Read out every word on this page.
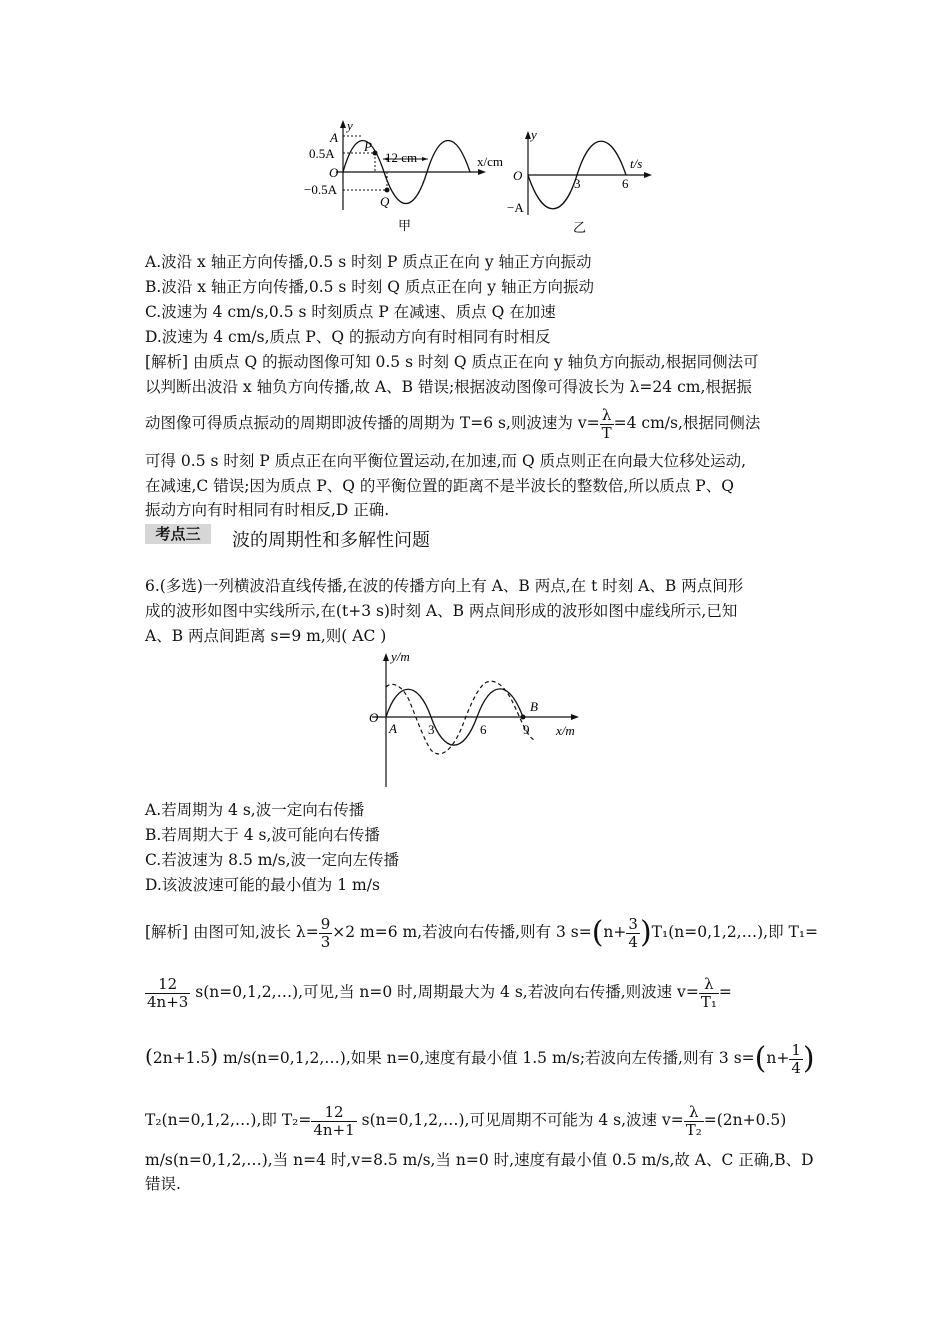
y
A
0.5A
O
−0.5A
P
Q
12 cm	x/cm
甲
y
O
−A
3	6
t/s
乙
A.波沿 x 轴正方向传播,0.5 s 时刻 P 质点正在向 y 轴正方向振动
B.波沿 x 轴正方向传播,0.5 s 时刻 Q 质点正在向 y 轴正方向振动
C.波速为 4 cm/s,0.5 s 时刻质点 P 在减速、质点 Q 在加速
D.波速为 4 cm/s,质点 P、Q 的振动方向有时相同有时相反
[解析] 由质点 Q 的振动图像可知 0.5 s 时刻 Q 质点正在向 y 轴负方向振动,根据同侧法可
以判断出波沿 x 轴负方向传播,故 A、B 错误;根据波动图像可得波长为 λ=24 cm,根据振
动图像可得质点振动的周期即波传播的周期为 T=6 s,则波速为 $v= \frac{\lambda}{T} =4$ cm/s,根据同侧法
可得 0.5 s 时刻 P 质点正在向平衡位置运动,在加速,而 Q 质点则正在向最大位移处运动,
在减速,C 错误;因为质点 P、Q 的平衡位置的距离不是半波长的整数倍,所以质点 P、Q
振动方向有时相同有时相反,D 正确.
考点三	波的周期性和多解性问题
6.(多选)一列横波沿直线传播,在波的传播方向上有 A、B 两点,在 t 时刻 A、B 两点间形
成的波形如图中实线所示,在(t+3 s)时刻 A、B 两点间形成的波形如图中虚线所示,已知
A、B 两点间距离 s=9 m,则( AC )
y/m
O
A 3	6	9
B
x/m
A.若周期为 4 s,波一定向右传播
B.若周期大于 4 s,波可能向右传播
C.若波速为 8.5 m/s,波一定向左传播
D.该波波速可能的最小值为 1 m/s
[解析] 由图可知,波长 $\lambda= \frac{9}{3} \times 2$ m=6 m,若波向右传播,则有 3 $s=(n+ \frac{3}{4}$ )T₁(n=0,1,2,…),即 T₁=
$\frac{12}{4n+3}$ s(n=0,1,2,…),可见,当 n=0 时,周期最大为 4 s,若波向右传播,则波速 $v= \frac{\lambda}{\text{T₁}}$ =
(2n+1.5) m/s(n=0,1,2,…),如果 n=0,速度有最小值 1.5 m/s;若波向左传播,则有 3 $s=(n+ \frac{1}{4}$ )
T₂(n=0,1,2,…),即 $T_2= \frac{12}{4n+1}$ s(n=0,1,2,…),可见周期不可能为 4 s,波速 $v= \frac{\lambda}{\text{T₂}} =(2n+0.5)$
m/s(n=0,1,2,…),当 n=4 时,v=8.5 m/s,当 n=0 时,速度有最小值 0.5 m/s,故 A、C 正确,B、D
错误.
